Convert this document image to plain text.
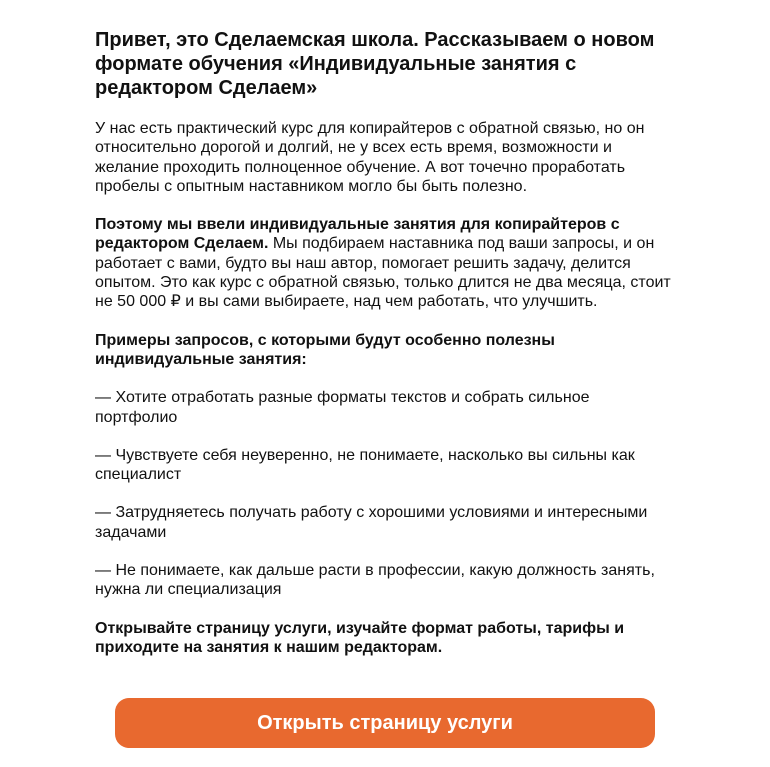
Привет, это Сделаемская школа. Рассказываем о новом формате обучения «Индивидуальные занятия с редактором Сделаем»

У нас есть практический курс для копирайтеров с обратной связью, но он относительно дорогой и долгий, не у всех есть время, возможности и желание проходить полноценное обучение. А вот точечно проработать пробелы с опытным наставником могло бы быть полезно.

Поэтому мы ввели индивидуальные занятия для копирайтеров с редактором Сделаем. Мы подбираем наставника под ваши запросы, и он работает с вами, будто вы наш автор, помогает решить задачу, делится опытом. Это как курс с обратной связью, только длится не два месяца, стоит не 50 000 ₽ и вы сами выбираете, над чем работать, что улучшить.

Примеры запросов, с которыми будут особенно полезны индивидуальные занятия:

— Хотите отработать разные форматы текстов и собрать сильное портфолио

— Чувствуете себя неуверенно, не понимаете, насколько вы сильны как специалист

— Затрудняетесь получать работу с хорошими условиями и интересными задачами

— Не понимаете, как дальше расти в профессии, какую должность занять, нужна ли специализация

Открывайте страницу услуги, изучайте формат работы, тарифы и приходите на занятия к нашим редакторам.

Открыть страницу услуги
